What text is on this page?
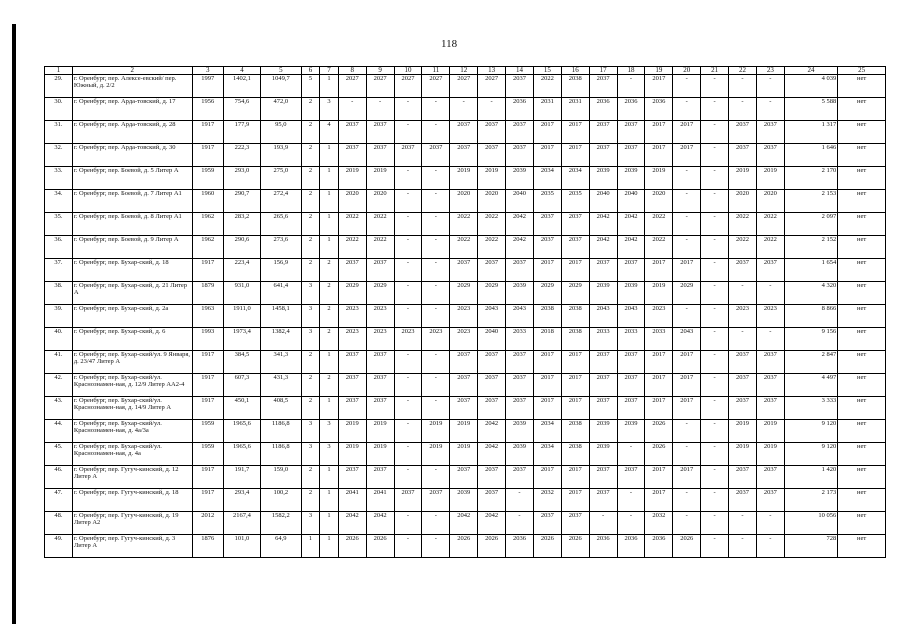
118
1	2	3	4	5	6	7	8	9	10	11	12	13	14	15	16	17	18	19	20	21	22	23	24	25
29.	г. Оренбург, пер. Алексе-евский/ пер. Южный, д. 2/2	1997	1402,1	1049,7	5	1	2027	2027	2027	2027	2027	2027	2037	2022	2038	2037	-	2017	-	-	-	-	4 039	нет
30.	г. Оренбург, пер. Арда-товский, д. 17	1956	754,6	472,0	2	3	-	-	-	-	-	-	2036	2031	2031	2036	2036	2036	-	-	-	-	5 588	нет
31.	г. Оренбург, пер. Арда-товский, д. 28	1917	177,9	95,0	2	4	2037	2037	-	-	2037	2037	2037	2017	2017	2037	2037	2017	2017	-	2037	2037	1 317	нет
32.	г. Оренбург, пер. Арда-товский, д. 30	1917	222,3	193,9	2	1	2037	2037	2037	2037	2037	2037	2037	2017	2017	2037	2037	2017	2017	-	2037	2037	1 646	нет
33.	г. Оренбург, пер. Боевой, д. 5 Литер А	1959	293,0	275,0	2	1	2019	2019	-	-	2019	2019	2039	2034	2034	2039	2039	2019	-	-	2019	2019	2 170	нет
34.	г. Оренбург, пер. Боевой, д. 7 Литер А1	1960	290,7	272,4	2	1	2020	2020	-	-	2020	2020	2040	2035	2035	2040	2040	2020	-	-	2020	2020	2 153	нет
35.	г. Оренбург, пер. Боевой, д. 8 Литер А1	1962	283,2	265,6	2	1	2022	2022	-	-	2022	2022	2042	2037	2037	2042	2042	2022	-	-	2022	2022	2 097	нет
36.	г. Оренбург, пер. Боевой, д. 9 Литер А	1962	290,6	273,6	2	1	2022	2022	-	-	2022	2022	2042	2037	2037	2042	2042	2022	-	-	2022	2022	2 152	нет
37.	г. Оренбург, пер. Бухар-ский, д. 18	1917	223,4	156,9	2	2	2037	2037	-	-	2037	2037	2037	2017	2017	2037	2037	2017	2017	-	2037	2037	1 654	нет
38.	г. Оренбург, пер. Бухар-ский, д. 21 Литер А	1879	931,0	641,4	3	2	2029	2029	-	-	2029	2029	2039	2029	2029	2039	2039	2019	2029	-	-	-	4 320	нет
39.	г. Оренбург, пер. Бухар-ский, д. 2а	1963	1911,0	1458,1	3	2	2023	2023	-	-	2023	2043	2043	2038	2038	2043	2043	2023	-	-	2023	2023	8 866	нет
40.	г. Оренбург, пер. Бухар-ский, д. 6	1993	1973,4	1382,4	3	2	2023	2023	2023	2023	2023	2040	2033	2018	2038	2033	2033	2033	2043	-	-	-	9 156	нет
41.	г. Оренбург, пер. Бухар-ский/ул. 9 Января, д. 23/47 Литер А	1917	384,5	341,3	2	1	2037	2037	-	-	2037	2037	2037	2017	2017	2037	2037	2017	2017	-	2037	2037	2 847	нет
42.	г. Оренбург, пер. Бухар-ский/ул. Краснознамен-ная, д. 12/9 Литер АА2-4	1917	607,3	431,3	2	2	2037	2037	-	-	2037	2037	2037	2017	2017	2037	2037	2017	2017	-	2037	2037	4 497	нет
43.	г. Оренбург, пер. Бухар-ский/ул. Краснознамен-ная, д. 14/9 Литер А	1917	450,1	408,5	2	1	2037	2037	-	-	2037	2037	2037	2017	2017	2037	2037	2017	2017	-	2037	2037	3 333	нет
44.	г. Оренбург, пер. Бухар-ский/ул. Краснознамен-ная, д. 4а/3а	1959	1965,6	1186,8	3	3	2019	2019	-	2019	2019	2042	2039	2034	2038	2039	2039	2026	-	-	2019	2019	9 120	нет
45.	г. Оренбург, пер. Бухар-ский/ул. Краснознамен-ная, д. 4а	1959	1965,6	1186,8	3	3	2019	2019	-	2019	2019	2042	2039	2034	2038	2039	-	2026	-	-	2019	2019	9 120	нет
46.	г. Оренбург, пер. Гугуч-кинский, д. 12 Литер А	1917	191,7	159,0	2	1	2037	2037	-	-	2037	2037	2037	2017	2017	2037	2037	2017	2017	-	2037	2037	1 420	нет
47.	г. Оренбург, пер. Гугуч-кинский, д. 18	1917	293,4	100,2	2	1	2041	2041	2037	2037	2039	2037	-	2032	2017	2037	-	2017	-	-	2037	2037	2 173	нет
48.	г. Оренбург, пер. Гугуч-кинский, д. 19 Литер А2	2012	2167,4	1582,2	3	1	2042	2042	-	-	2042	2042	-	2037	2037	-	-	2032	-	-	-	-	10 056	нет
49.	г. Оренбург, пер. Гугуч-кинский, д. 3 Литер А	1876	101,0	64,9	1	1	2026	2026	-	-	2026	2026	2036	2026	2026	2036	2036	2036	2026	-	-	-	728	нет
